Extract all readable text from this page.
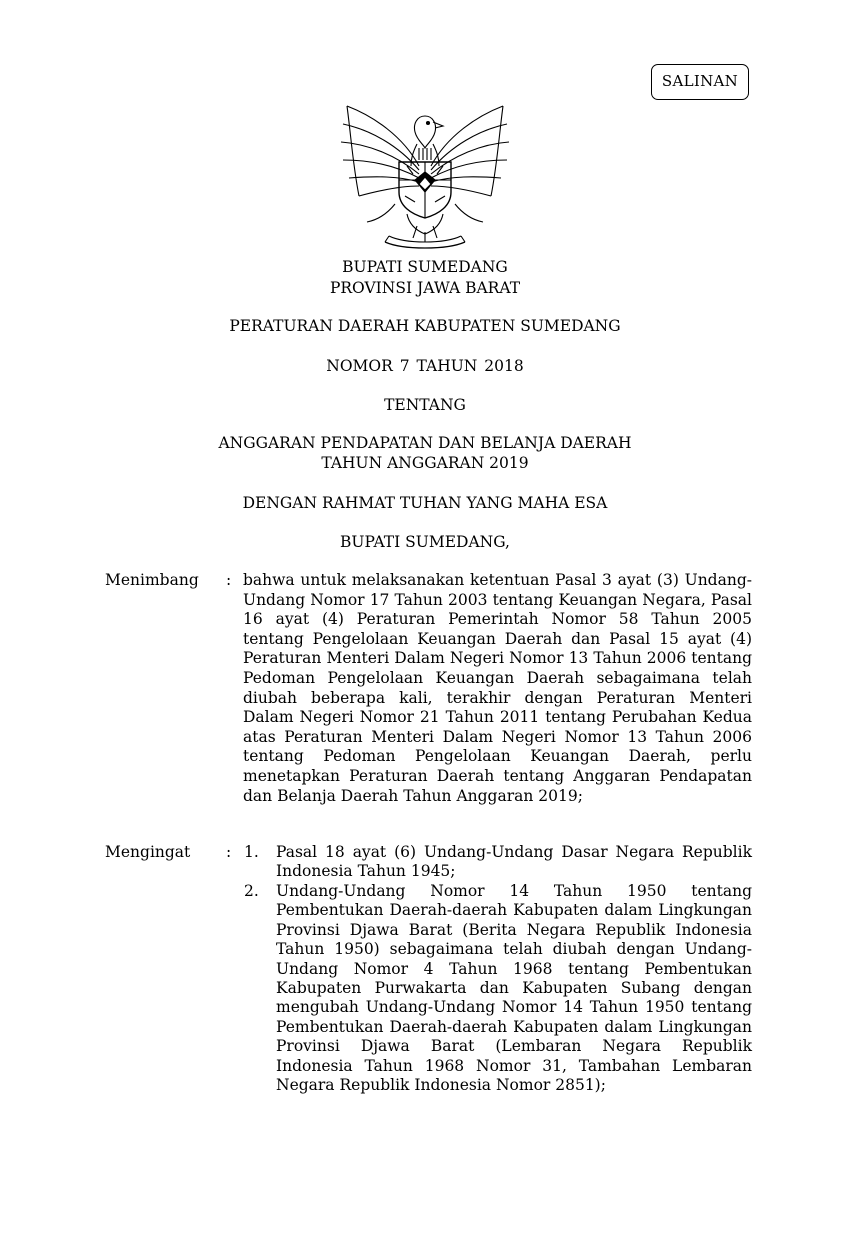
SALINAN
BUPATI SUMEDANG
PROVINSI JAWA BARAT
PERATURAN DAERAH KABUPATEN SUMEDANG
NOMOR 7 TAHUN 2018
TENTANG
ANGGARAN PENDAPATAN DAN BELANJA DAERAH
TAHUN ANGGARAN 2019
DENGAN RAHMAT TUHAN YANG MAHA ESA
BUPATI SUMEDANG,
Menimbang : bahwa untuk melaksanakan ketentuan Pasal 3 ayat (3) Undang-Undang Nomor 17 Tahun 2003 tentang Keuangan Negara, Pasal 16 ayat (4) Peraturan Pemerintah Nomor 58 Tahun 2005 tentang Pengelolaan Keuangan Daerah dan Pasal 15 ayat (4) Peraturan Menteri Dalam Negeri Nomor 13 Tahun 2006 tentang Pedoman Pengelolaan Keuangan Daerah sebagaimana telah diubah beberapa kali, terakhir dengan Peraturan Menteri Dalam Negeri Nomor 21 Tahun 2011 tentang Perubahan Kedua atas Peraturan Menteri Dalam Negeri Nomor 13 Tahun 2006 tentang Pedoman Pengelolaan Keuangan Daerah, perlu menetapkan Peraturan Daerah tentang Anggaran Pendapatan dan Belanja Daerah Tahun Anggaran 2019;
Mengingat : 1. Pasal 18 ayat (6) Undang-Undang Dasar Negara Republik Indonesia Tahun 1945;
2. Undang-Undang Nomor 14 Tahun 1950 tentang Pembentukan Daerah-daerah Kabupaten dalam Lingkungan Provinsi Djawa Barat (Berita Negara Republik Indonesia Tahun 1950) sebagaimana telah diubah dengan Undang-Undang Nomor 4 Tahun 1968 tentang Pembentukan Kabupaten Purwakarta dan Kabupaten Subang dengan mengubah Undang-Undang Nomor 14 Tahun 1950 tentang Pembentukan Daerah-daerah Kabupaten dalam Lingkungan Provinsi Djawa Barat (Lembaran Negara Republik Indonesia Tahun 1968 Nomor 31, Tambahan Lembaran Negara Republik Indonesia Nomor 2851);
